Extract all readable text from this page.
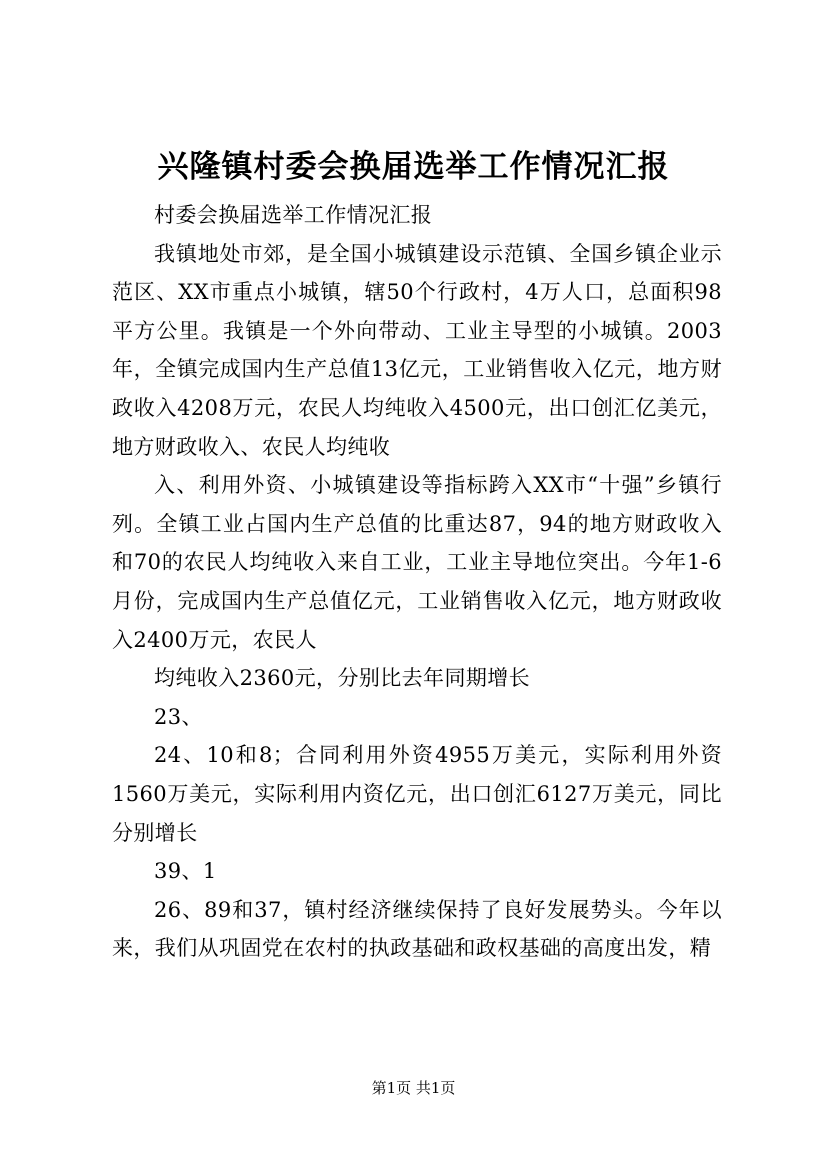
兴隆镇村委会换届选举工作情况汇报

村委会换届选举工作情况汇报

我镇地处市郊，是全国小城镇建设示范镇、全国乡镇企业示范区、XX市重点小城镇，辖50个行政村，4万人口，总面积98平方公里。我镇是一个外向带动、工业主导型的小城镇。2003年，全镇完成国内生产总值13亿元，工业销售收入亿元，地方财政收入4208万元，农民人均纯收入4500元，出口创汇亿美元，地方财政收入、农民人均纯收

入、利用外资、小城镇建设等指标跨入XX市“十强”乡镇行列。全镇工业占国内生产总值的比重达87，94的地方财政收入和70的农民人均纯收入来自工业，工业主导地位突出。今年1-6月份，完成国内生产总值亿元，工业销售收入亿元，地方财政收入2400万元，农民人

均纯收入2360元，分别比去年同期增长

23、

24、10和8；合同利用外资4955万美元，实际利用外资1560万美元，实际利用内资亿元，出口创汇6127万美元，同比分别增长

39、1

26、89和37，镇村经济继续保持了良好发展势头。今年以来，我们从巩固党在农村的执政基础和政权基础的高度出发，精

第1页 共1页
